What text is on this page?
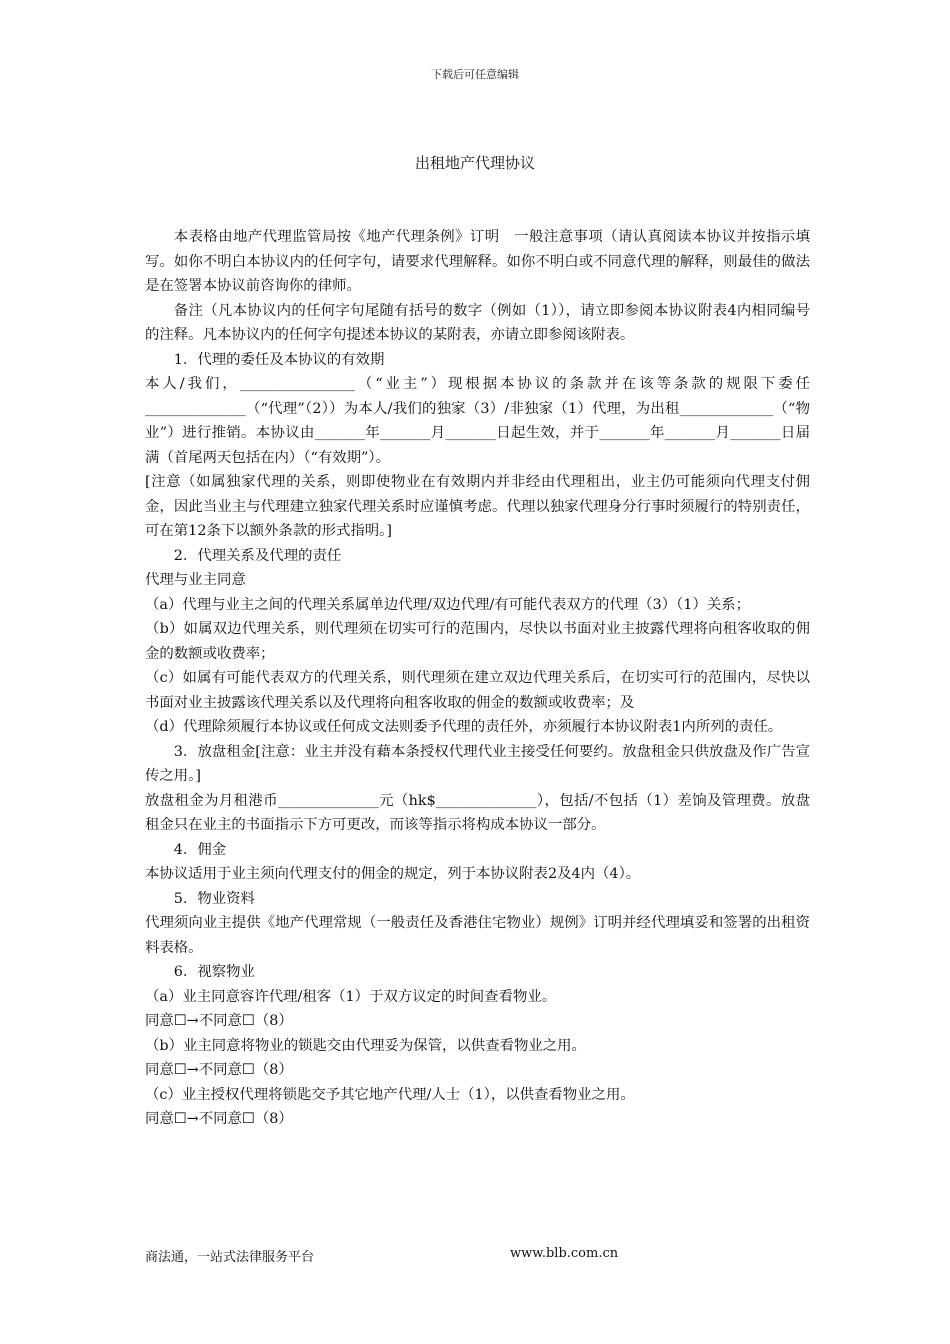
下载后可任意编辑
出租地产代理协议

本表格由地产代理监管局按《地产代理条例》订明　一般注意事项（请认真阅读本协议并按指示填写。如你不明白本协议内的任何字句，请要求代理解释。如你不明白或不同意代理的解释，则最佳的做法是在签署本协议前咨询你的律师。

备注（凡本协议内的任何字句尾随有括号的数字（例如（1）），请立即参阅本协议附表4内相同编号的注释。凡本协议内的任何字句提述本协议的某附表，亦请立即参阅该附表。

1．代理的委任及本协议的有效期

本人/我们，________________（“业主”）现根据本协议的条款并在该等条款的规限下委任______________（“代理”（2））为本人/我们的独家（3）/非独家（1）代理，为出租_____________（“物业”）进行推销。本协议由_______年_______月_______日起生效，并于_______年_______月_______日届满（首尾两天包括在内）（“有效期”）。

[注意（如属独家代理的关系，则即使物业在有效期内并非经由代理租出，业主仍可能须向代理支付佣金，因此当业主与代理建立独家代理关系时应谨慎考虑。代理以独家代理身分行事时须履行的特别责任，可在第12条下以额外条款的形式指明。]

2．代理关系及代理的责任

代理与业主同意

（a）代理与业主之间的代理关系属单边代理/双边代理/有可能代表双方的代理（3）（1）关系；

（b）如属双边代理关系，则代理须在切实可行的范围内，尽快以书面对业主披露代理将向租客收取的佣金的数额或收费率；

（c）如属有可能代表双方的代理关系，则代理须在建立双边代理关系后，在切实可行的范围内，尽快以书面对业主披露该代理关系以及代理将向租客收取的佣金的数额或收费率；及

（d）代理除须履行本协议或任何成文法则委予代理的责任外，亦须履行本协议附表1内所列的责任。

3．放盘租金[注意：业主并没有藉本条授权代理代业主接受任何要约。放盘租金只供放盘及作广告宣传之用。]

放盘租金为月租港币______________元（hk$______________），包括/不包括（1）差饷及管理费。放盘租金只在业主的书面指示下方可更改，而该等指示将构成本协议一部分。

4．佣金

本协议适用于业主须向代理支付的佣金的规定，列于本协议附表2及4内（4）。

5．物业资料

代理须向业主提供《地产代理常规（一般责任及香港住宅物业）规例》订明并经代理填妥和签署的出租资料表格。

6．视察物业

（a）业主同意容许代理/租客（1）于双方议定的时间查看物业。

同意☐→不同意☐（8）

（b）业主同意将物业的锁匙交由代理妥为保管，以供查看物业之用。

同意☐→不同意☐（8）

（c）业主授权代理将锁匙交予其它地产代理/人士（1），以供查看物业之用。

同意☐→不同意☐（8）

商法通，一站式法律服务平台	www.blb.com.cn
